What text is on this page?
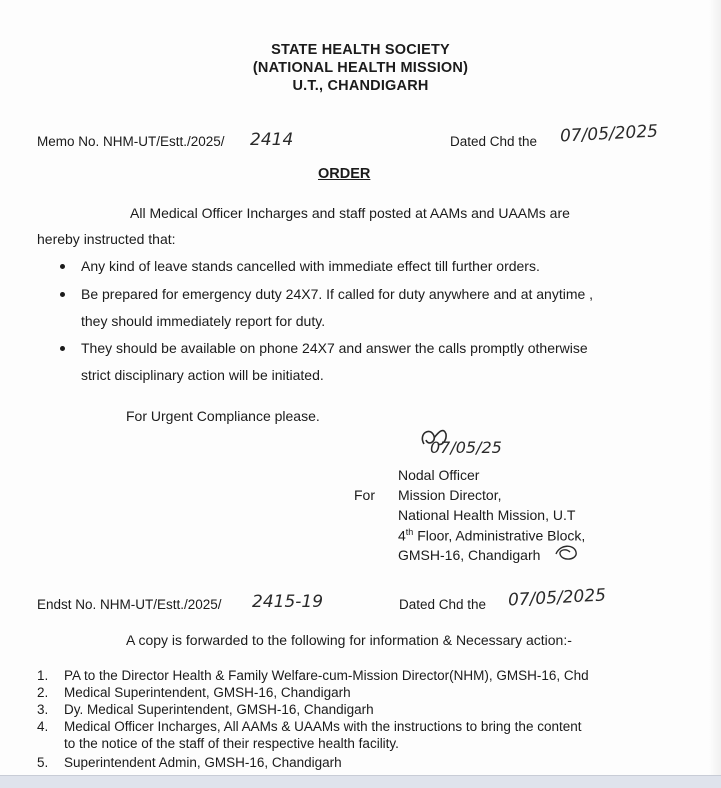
STATE HEALTH SOCIETY
(NATIONAL HEALTH MISSION)
U.T., CHANDIGARH
Memo No. NHM-UT/Estt./2025/ 2414	Dated Chd the 07/05/2025
ORDER
All Medical Officer Incharges and staff posted at AAMs and UAAMs are
hereby instructed that:
Any kind of leave stands cancelled with immediate effect till further orders.
Be prepared for emergency duty 24X7. If called for duty anywhere and at anytime ,
they should immediately report for duty.
They should be available on phone 24X7 and answer the calls promptly otherwise
strict disciplinary action will be initiated.
For Urgent Compliance please.
07/05/25
Nodal Officer
For Mission Director,
National Health Mission, U.T
4th Floor, Administrative Block,
GMSH-16, Chandigarh
Endst No. NHM-UT/Estt./2025/ 2415-19	Dated Chd the 07/05/2025
A copy is forwarded to the following for information & Necessary action:-
1. PA to the Director Health & Family Welfare-cum-Mission Director(NHM), GMSH-16, Chd
2. Medical Superintendent, GMSH-16, Chandigarh
3. Dy. Medical Superintendent, GMSH-16, Chandigarh
4. Medical Officer Incharges, All AAMs & UAAMs with the instructions to bring the content
to the notice of the staff of their respective health facility.
5. Superintendent Admin, GMSH-16, Chandigarh
